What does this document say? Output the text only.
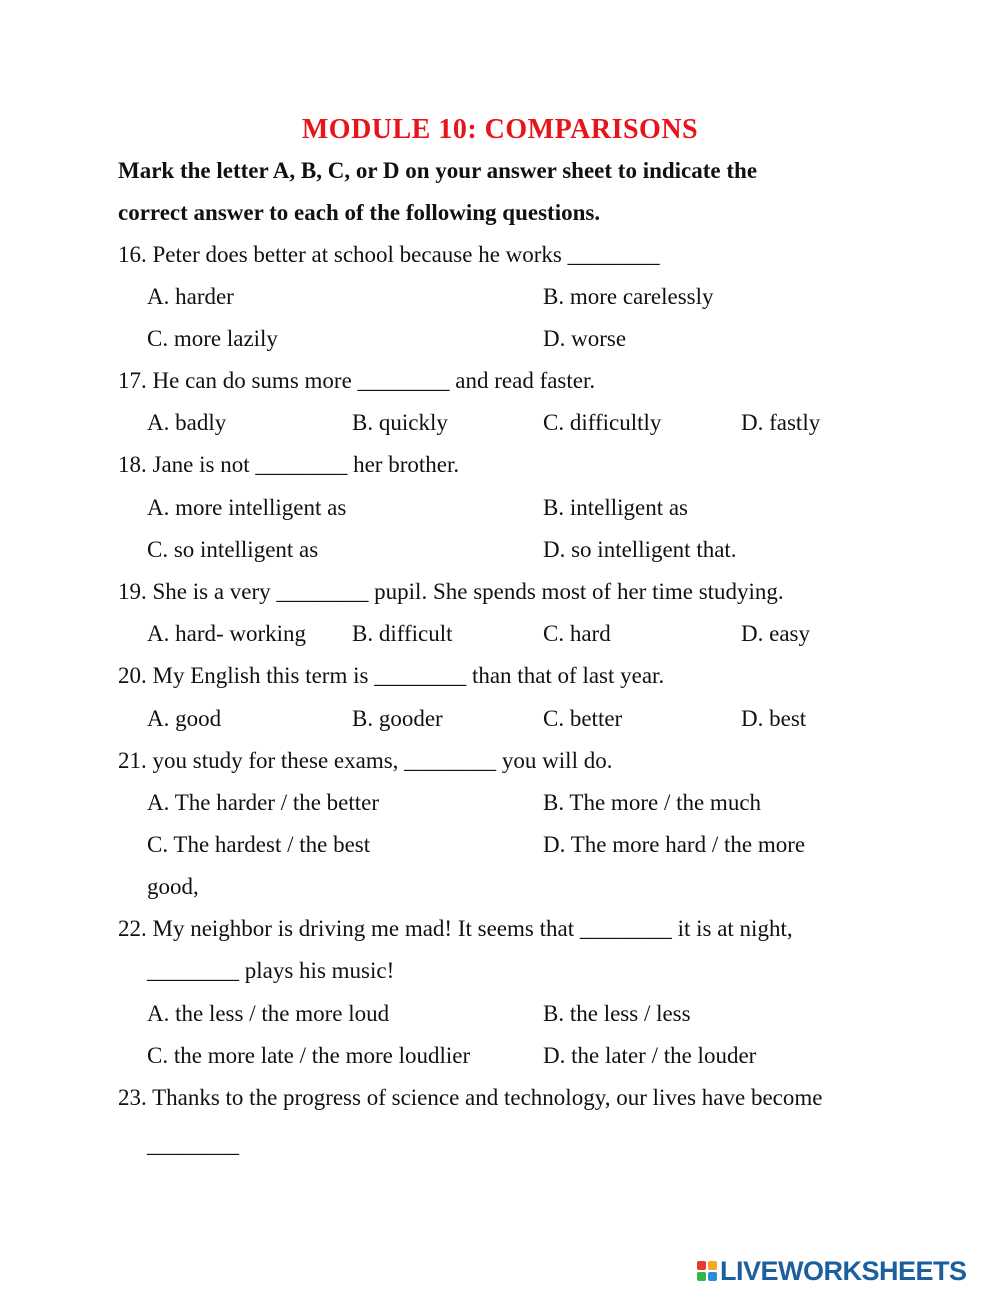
MODULE 10: COMPARISONS
Mark the letter A, B, C, or D on your answer sheet to indicate the
correct answer to each of the following questions.
16. Peter does better at school because he works ________
A. harder	B. more carelessly
C. more lazily	D. worse
17. He can do sums more ________ and read faster.
A. badly	B. quickly	C. difficultly	D. fastly
18. Jane is not ________ her brother.
A. more intelligent as	B. intelligent as
C. so intelligent as	D. so intelligent that.
19. She is a very ________ pupil. She spends most of her time studying.
A. hard- working B. difficult	C. hard	D. easy
20. My English this term is ________ than that of last year.
A. good	B. gooder	C. better	D. best
21. you study for these exams, ________ you will do.
A. The harder / the better	B. The more / the much
C. The hardest / the best	D. The more hard / the more
good,
22. My neighbor is driving me mad! It seems that ________ it is at night,
________ plays his music!
A. the less / the more loud	B. the less / less
C. the more late / the more loudlier	D. the later / the louder
23. Thanks to the progress of science and technology, our lives have become
________
LIVEWORKSHEETS
